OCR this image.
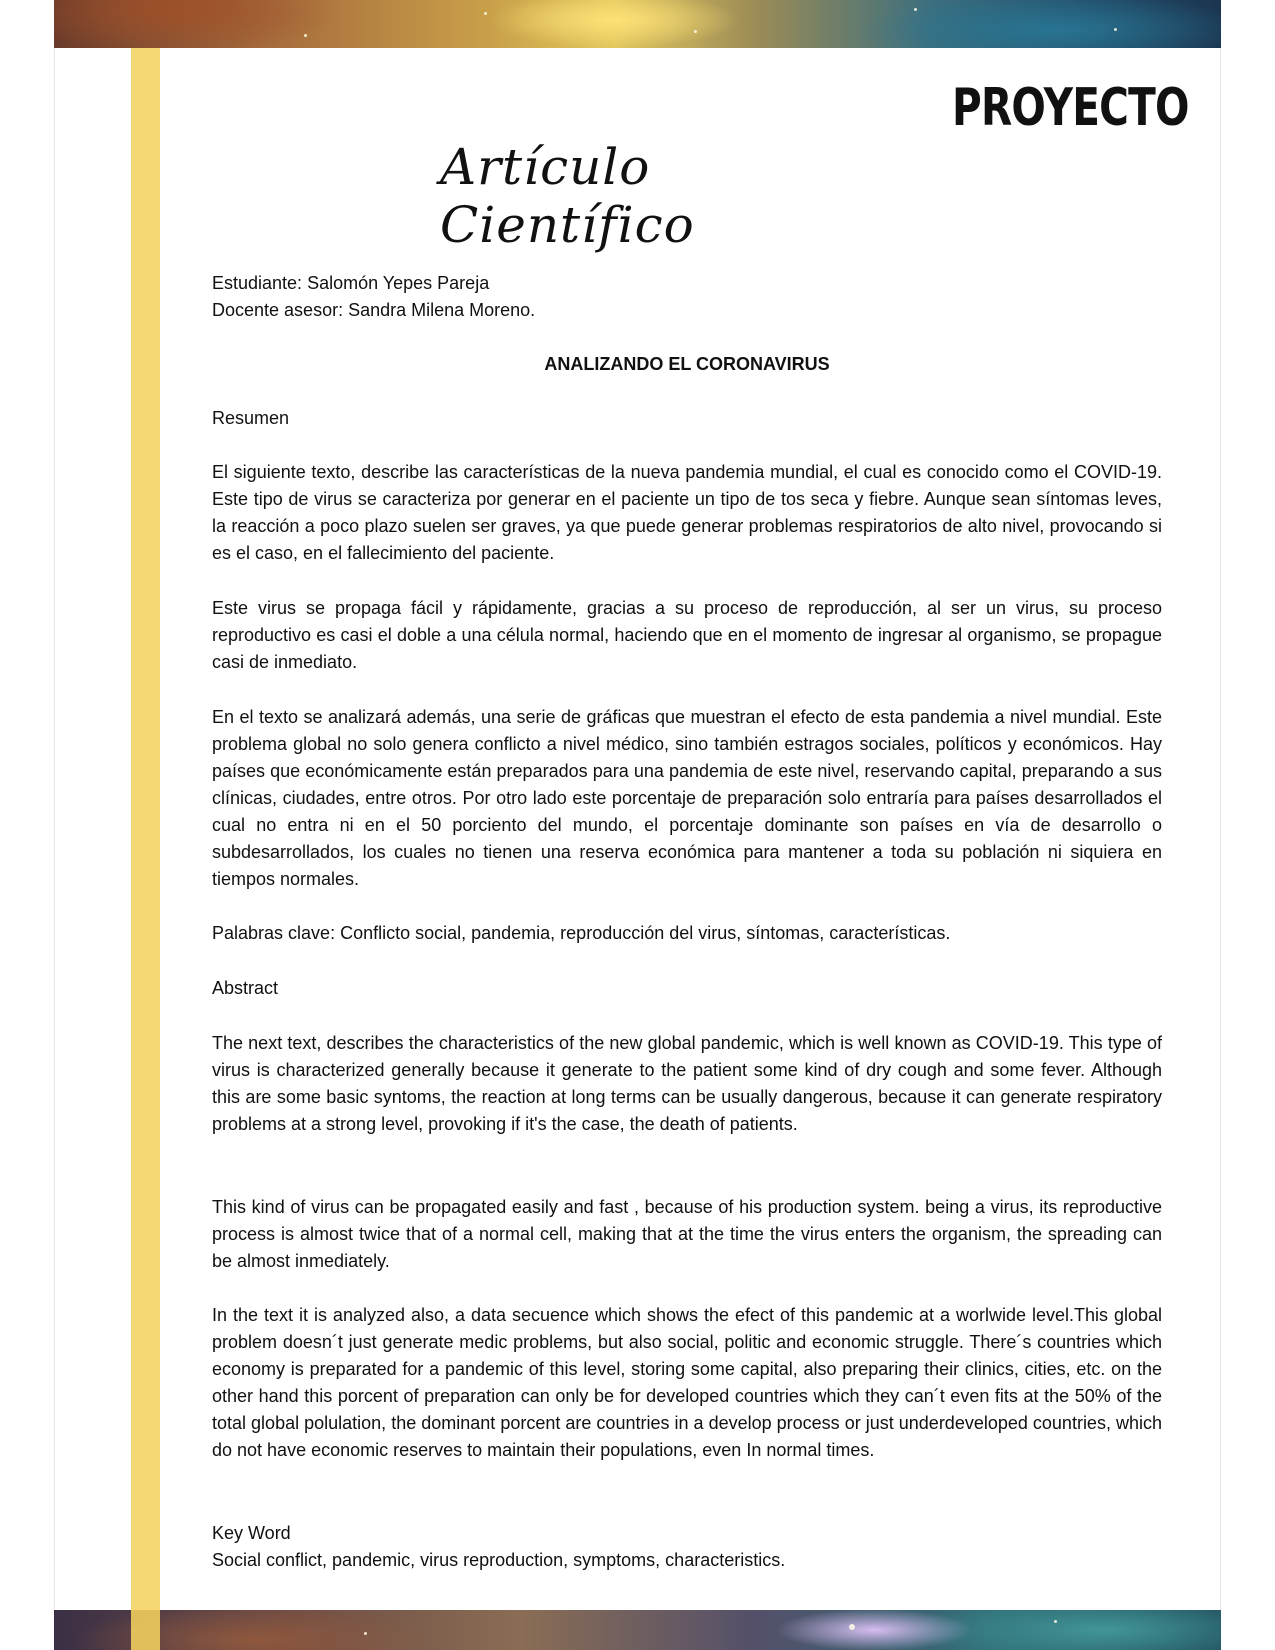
PROYECTO
Artículo Científico

Estudiante: Salomón Yepes Pareja

Docente asesor: Sandra Milena Moreno.

ANALIZANDO EL CORONAVIRUS
Resumen
El siguiente texto, describe las características de la nueva pandemia mundial, el cual es conocido como el COVID-19. Este tipo de virus se caracteriza por generar en el paciente un tipo de tos seca y fiebre. Aunque sean síntomas leves, la reacción a poco plazo suelen ser graves, ya que puede generar problemas respiratorios de alto nivel, provocando si es el caso, en el fallecimiento del paciente.
Este virus se propaga fácil y rápidamente, gracias a su proceso de reproducción, al ser un virus, su proceso reproductivo es casi el doble a una célula normal, haciendo que en el momento de ingresar al organismo, se propague casi de inmediato.
En el texto se analizará además, una serie de gráficas que muestran el efecto de esta pandemia a nivel mundial. Este problema global no solo genera conflicto a nivel médico, sino también estragos sociales, políticos y económicos. Hay países que económicamente están preparados para una pandemia de este nivel, reservando capital, preparando a sus clínicas, ciudades, entre otros. Por otro lado este porcentaje de preparación solo entraría para países desarrollados el cual no entra ni en el 50 porciento del mundo, el porcentaje dominante son países en vía de desarrollo o subdesarrollados, los cuales no tienen una reserva económica para mantener a toda su población ni siquiera en tiempos normales.
Palabras clave: Conflicto social, pandemia, reproducción del virus, síntomas, características.
Abstract
The next text, describes the characteristics of the new global pandemic, which is well known as COVID-19. This type of virus is characterized generally because it generate to the patient some kind of dry cough and some fever. Although this are some basic syntoms, the reaction at long terms can be usually dangerous, because it can generate respiratory problems at a strong level, provoking if it's the case, the death of patients.
This kind of virus can be propagated easily and fast , because of his production system. being a virus, its reproductive process is almost twice that of a normal cell, making that at the time the virus enters the organism, the spreading can be almost inmediately.
In the text it is analyzed also, a data secuence which shows the efect of this pandemic at a worlwide level.This global problem doesn´t just generate medic problems, but also social, politic and economic struggle. There´s countries which economy is preparated for a pandemic of this level, storing some capital, also preparing their clinics, cities, etc. on the other hand this porcent of preparation can only be for developed countries which they can´t even fits at the 50% of the total global polulation, the dominant porcent are countries in a develop process or just underdeveloped countries, which do not have economic reserves to maintain their populations, even In normal times.

Key Word

Social conflict, pandemic, virus reproduction, symptoms, characteristics.
